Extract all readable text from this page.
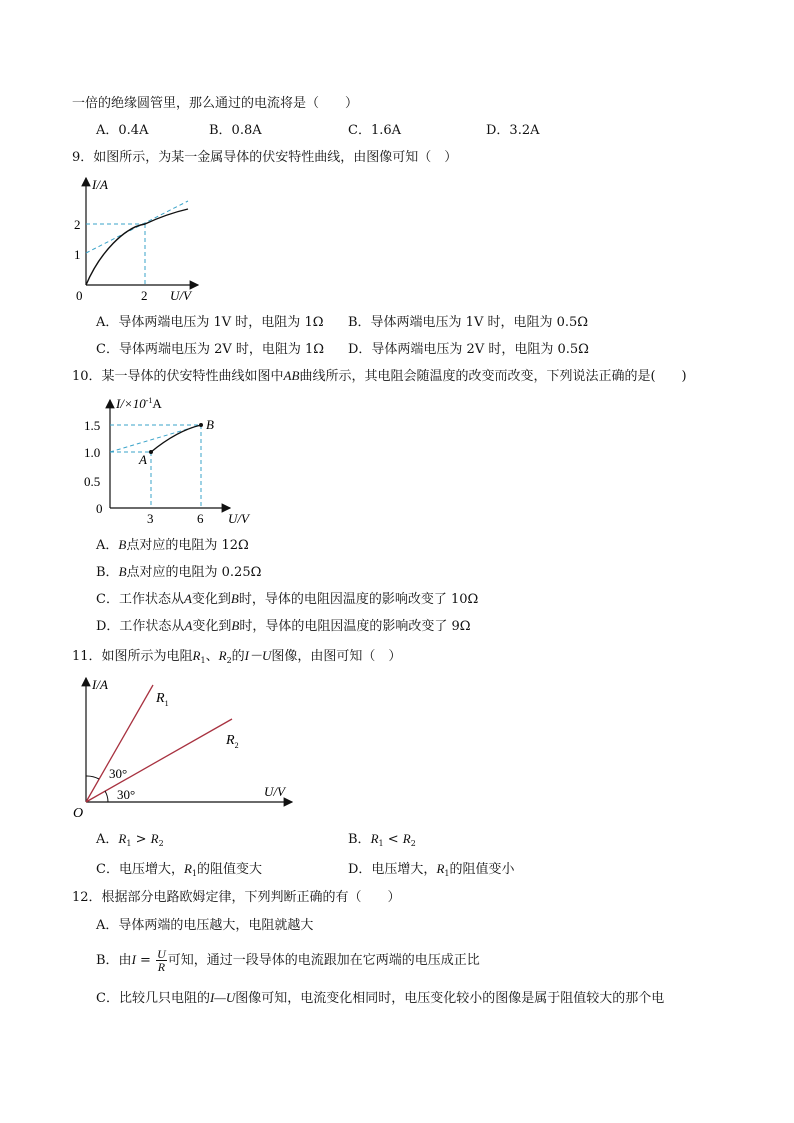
一倍的绝缘圆管里，那么通过的电流将是（　　）
A．0.4A	B．0.8A	C．1.6A	D．3.2A
9．如图所示，为某一金属导体的伏安特性曲线，由图像可知（　）
I/A
2
1
0	2 U/V
A．导体两端电压为 1V 时，电阻为 1Ω B．导体两端电压为 1V 时，电阻为 0.5Ω
C．导体两端电压为 2V 时，电阻为 1Ω D．导体两端电压为 2V 时，电阻为 0.5Ω
10．某一导体的伏安特性曲线如图中AB曲线所示，其电阻会随温度的改变而改变，下列说法正确的是(　　)
$I/\times 10^{-1}A$
1.5
1.0
0.5
0
3	6 U/V
A
B
A．B点对应的电阻为 12Ω
B．B点对应的电阻为 0.25Ω
C．工作状态从A变化到B时，导体的电阻因温度的影响改变了 10Ω
D．工作状态从A变化到B时，导体的电阻因温度的影响改变了 9Ω
11．如图所示为电阻$R_1$、$R_2$的I－U图像，由图可知（　）
I/A
$R_1$
$R_2$
30°
30°
O
U/V
A．$R_1 > R_2$	B．$R_1 < R_2$
C．电压增大，$R_1$的阻值变大	D．电压增大，$R_1$的阻值变小
12．根据部分电路欧姆定律，下列判断正确的有（　　）
A．导体两端的电压越大，电阻就越大
B．由$I = \frac{U}{R}$ 可知，通过一段导体的电流跟加在它两端的电压成正比
C．比较几只电阻的I—U图像可知，电流变化相同时，电压变化较小的图像是属于阻值较大的那个电
